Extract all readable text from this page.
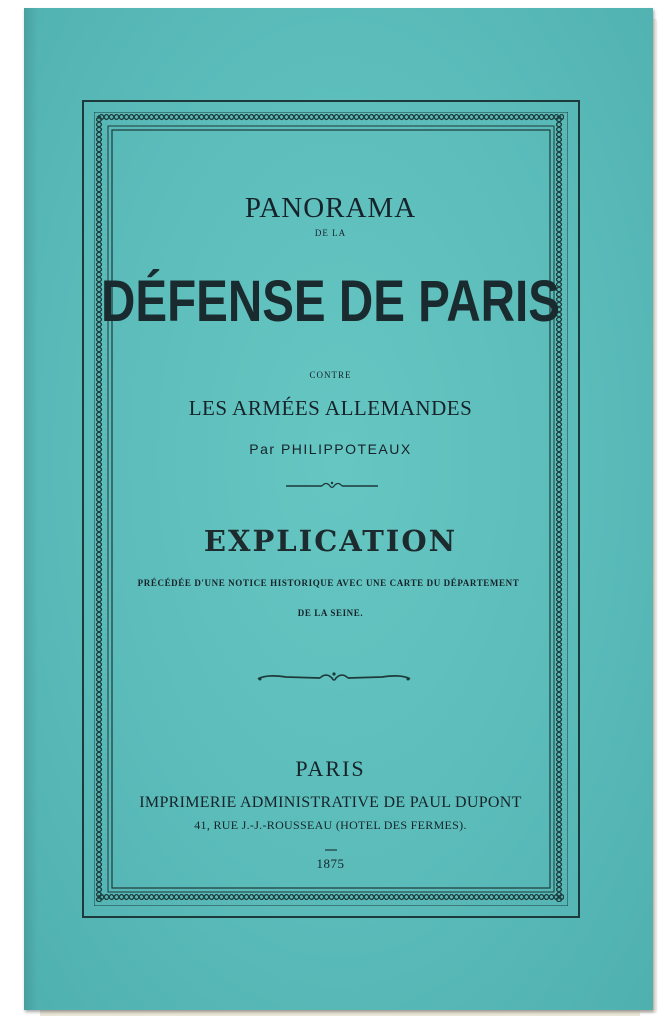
PANORAMA
DE LA
DÉFENSE DE PARIS
CONTRE
LES ARMÉES ALLEMANDES
Par PHILIPPOTEAUX
EXPLICATION
PRÉCÉDÉE D'UNE NOTICE HISTORIQUE AVEC UNE CARTE DU DÉPARTEMENT
DE LA SEINE.
PARIS
IMPRIMERIE ADMINISTRATIVE DE PAUL DUPONT
41, RUE J.-J.-ROUSSEAU (HOTEL DES FERMES).
1875
